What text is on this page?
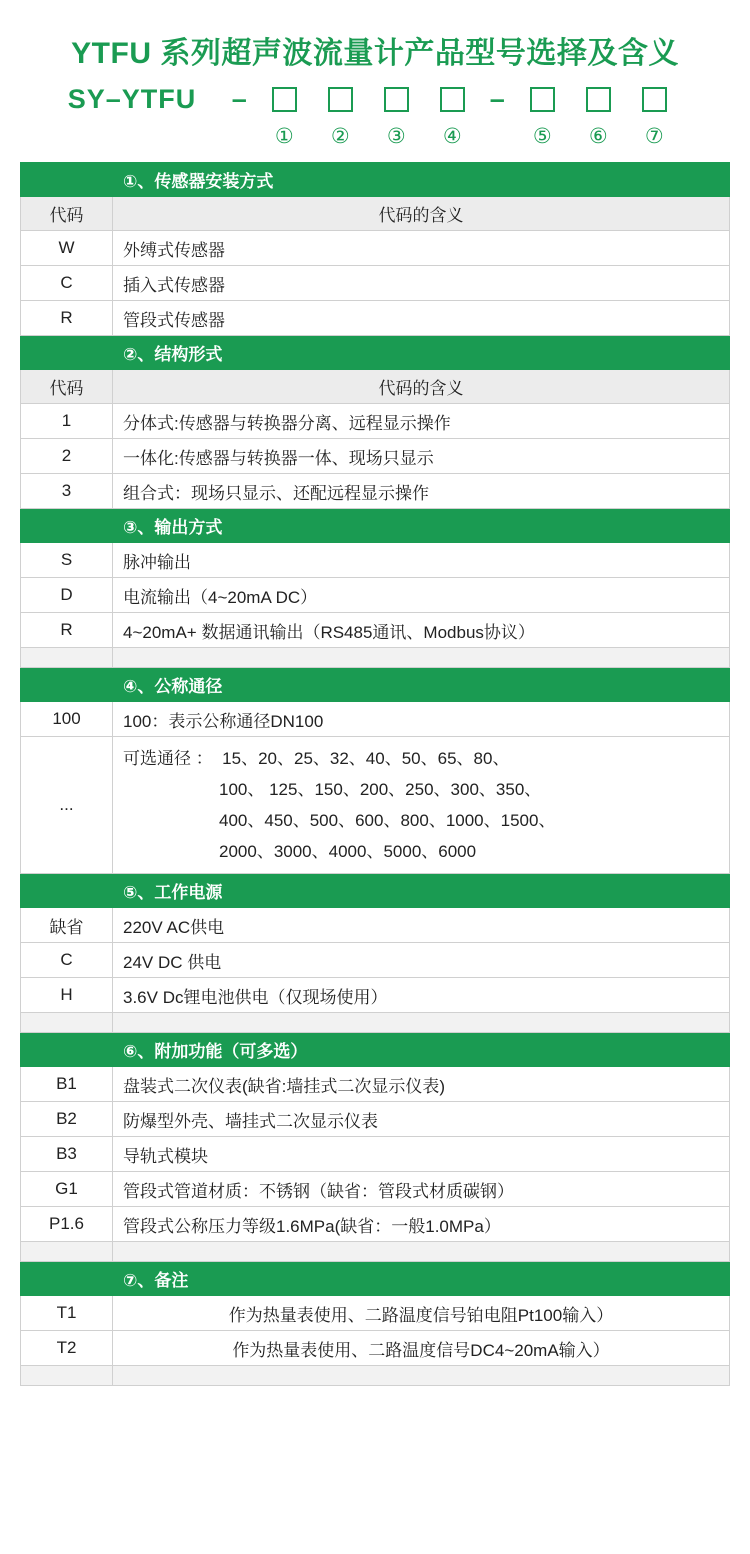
YTFU 系列超声波流量计产品型号选择及含义
SY–YTFU	–	–
① ② ③ ④	⑤ ⑥ ⑦
	①、传感器安装方式
代码	代码的含义
W	外缚式传感器
C	插入式传感器
R	管段式传感器
	②、结构形式
代码	代码的含义
1	分体式:传感器与转换器分离、远程显示操作
2	一体化:传感器与转换器一体、现场只显示
3	组合式：现场只显示、还配远程显示操作
	③、输出方式
S	脉冲输出
D	电流输出（4~20mA DC）
R	4~20mA+ 数据通讯输出（RS485通讯、Modbus协议）

	④、公称通径
100	100：表示公称通径DN100
...	可选通径 ：  15、20、25、32、40、50、65、80、
100、 125、150、200、250、300、350、
400、450、500、600、800、1000、1500、
2000、3000、4000、5000、6000

	⑤、工作电源
缺省	220V AC供电
C	24V DC 供电
H	3.6V Dc锂电池供电（仅现场使用）

	⑥、附加功能（可多选）
B1	盘装式二次仪表(缺省:墙挂式二次显示仪表)
B2	防爆型外壳、墙挂式二次显示仪表
B3	导轨式模块
G1	管段式管道材质：不锈钢（缺省：管段式材质碳钢）
P1.6	管段式公称压力等级1.6MPa(缺省：一般1.0MPa）

	⑦、备注
T1	作为热量表使用、二路温度信号铂电阻Pt100输入）
T2	作为热量表使用、二路温度信号DC4~20mA输入）
